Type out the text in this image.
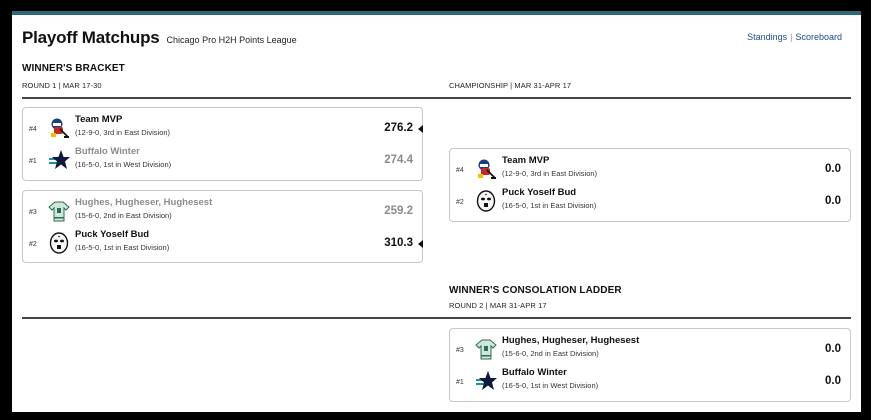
Playoff Matchups Chicago Pro H2H Points League	Standings | Scoreboard
WINNER'S BRACKET
ROUND 1 | MAR 17-30	CHAMPIONSHIP | MAR 31-APR 17
#4
Team MVP
(12-9-0, 3rd in East Division)	276.2
#1
Buffalo Winter
(16-5-0, 1st in West Division)	274.4
#3
Hughes, Hugheser, Hughesest
(15-6-0, 2nd in East Division)	259.2
#2
Puck Yoself Bud
(16-5-0, 1st in East Division)	310.3
#4
Team MVP
(12-9-0, 3rd in East Division)	0.0
#2
Puck Yoself Bud
(16-5-0, 1st in East Division)	0.0
WINNER'S CONSOLATION LADDER
ROUND 2 | MAR 31-APR 17
#3
Hughes, Hugheser, Hughesest
(15-6-0, 2nd in East Division)	0.0
#1
Buffalo Winter
(16-5-0, 1st in West Division)	0.0
